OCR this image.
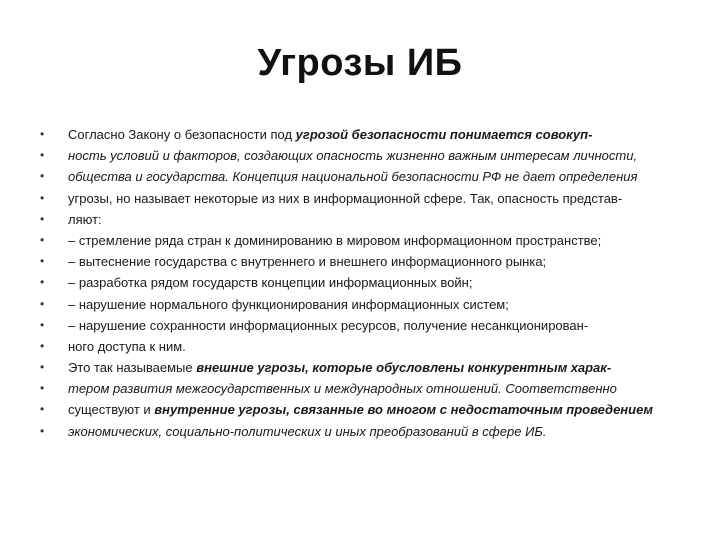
Угрозы ИБ
•	Согласно Закону о безопасности под угрозой безопасности понимается совокуп-
•	ность условий и факторов, создающих опасность жизненно важным интересам личности,
•	общества и государства. Концепция национальной безопасности РФ не дает определения
•	угрозы, но называет некоторые из них в информационной сфере. Так, опасность представ-
•	ляют:
•	– стремление ряда стран к доминированию в мировом информационном пространстве;
•	– вытеснение государства с внутреннего и внешнего информационного рынка;
•	– разработка рядом государств концепции информационных войн;
•	– нарушение нормального функционирования информационных систем;
•	– нарушение сохранности информационных ресурсов, получение несанкционирован-
•	ного доступа к ним.
•	Это так называемые внешние угрозы, которые обусловлены конкурентным харак-
•	тером развития межгосударственных и международных отношений. Соответственно
•	существуют и внутренние угрозы, связанные во многом с недостаточным проведением
•	экономических, социально-политических и иных преобразований в сфере ИБ.
